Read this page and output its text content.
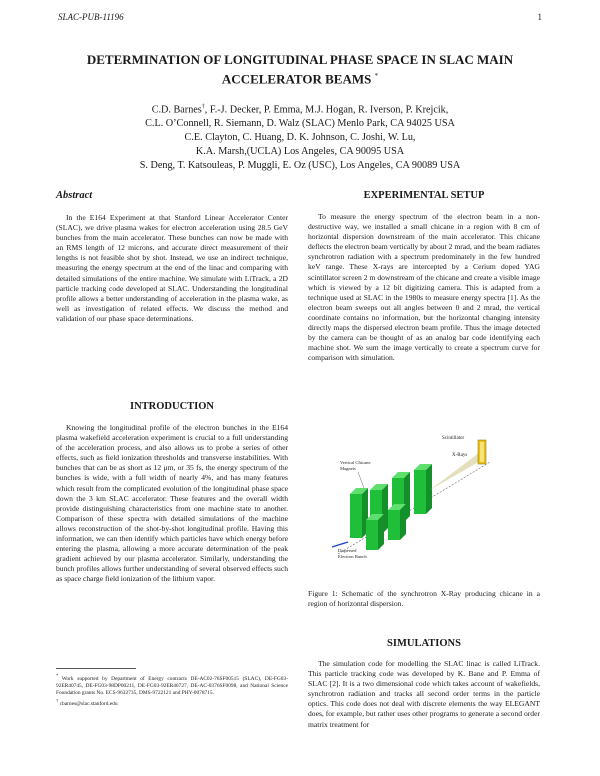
SLAC-PUB-11196	1
DETERMINATION OF LONGITUDINAL PHASE SPACE IN SLAC MAIN ACCELERATOR BEAMS *
C.D. Barnes†, F.-J. Decker, P. Emma, M.J. Hogan, R. Iverson, P. Krejcik,
C.L. O’Connell, R. Siemann, D. Walz (SLAC) Menlo Park, CA 94025 USA
C.E. Clayton, C. Huang, D. K. Johnson, C. Joshi, W. Lu,
K.A. Marsh,(UCLA) Los Angeles, CA 90095 USA
S. Deng, T. Katsouleas, P. Muggli, E. Oz (USC), Los Angeles, CA 90089 USA
Abstract

In the E164 Experiment at that Stanford Linear Accelerator Center (SLAC), we drive plasma wakes for electron acceleration using 28.5 GeV bunches from the main accelerator. These bunches can now be made with an RMS length of 12 microns, and accurate direct measurement of their lengths is not feasible shot by shot. Instead, we use an indirect technique, measuring the energy spectrum at the end of the linac and comparing with detailed simulations of the entire machine. We simulate with LiTrack, a 2D particle tracking code developed at SLAC. Understanding the longitudinal profile allows a better understanding of acceleration in the plasma wake, as well as investigation of related effects. We discuss the method and validation of our phase space determinations.

INTRODUCTION

Knowing the longitudinal profile of the electron bunches in the E164 plasma wakefield acceleration experiment is crucial to a full understanding of the acceleration process, and also allows us to probe a series of other effects, such as field ionization thresholds and transverse instabilities. With bunches that can be as short as 12 μm, or 35 fs, the energy spectrum of the bunches is wide, with a full width of nearly 4%, and has many features which result from the complicated evolution of the longitudinal phase space down the 3 km SLAC accelerator. These features and the overall width provide distinguishing characteristics from one machine state to another. Comparison of these spectra with detailed simulations of the machine allows reconstruction of the shot-by-shot longitudinal profile. Having this information, we can then identify which particles have which energy before entering the plasma, allowing a more accurate determination of the peak gradient achieved by our plasma accelerator. Similarly, understanding the bunch profiles allows further understanding of several observed effects such as space charge field ionization of the lithium vapor.

* Work supported by Department of Energy contracts DE-AC02-76SF00515 (SLAC), DE-FG03-92ER40745, DE-FG03-98DP00211, DE-FG03-92ER40727, DE-AC-0376SF0098, and National Science Foundation grants No. ECS-9632735, DMS-9722121 and PHY-0078715.
† cbarnes@slac.stanford.edu
EXPERIMENTAL SETUP

To measure the energy spectrum of the electron beam in a non-destructive way, we installed a small chicane in a region with 8 cm of horizontal dispersion downstream of the main accelerator. This chicane deflects the electron beam vertically by about 2 mrad, and the beam radiates synchrotron radiation with a spectrum predominately in the few hundred keV range. These X-rays are intercepted by a Cerium doped YAG scintillator screen 2 m downstream of the chicane and create a visible image which is viewed by a 12 bit digitizing camera. This is adapted from a technique used at SLAC in the 1980s to measure energy spectra [1]. As the electron beam sweeps out all angles between 0 and 2 mrad, the vertical coordinate contains no information, but the horizontal changing intensity directly maps the dispersed electron beam profile. Thus the image detected by the camera can be thought of as an analog bar code identifying each machine shot. We sum the image vertically to create a spectrum curve for comparison with simulation.

Scintillator
X-Rays
Vertical Chicane
Magnets
Dispersed
Electron Bunch
Figure 1: Schematic of the synchrotron X-Ray producing chicane in a region of horizontal dispersion.
SIMULATIONS

The simulation code for modelling the SLAC linac is called LiTrack. This particle tracking code was developed by K. Bane and P. Emma of SLAC [2]. It is a two dimensional code which takes account of wakefields, synchrotron radiation and tracks all second order terms in the particle optics. This code does not deal with discrete elements the way ELEGANT does, for example, but rather uses other programs to generate a second order matrix treatment for
